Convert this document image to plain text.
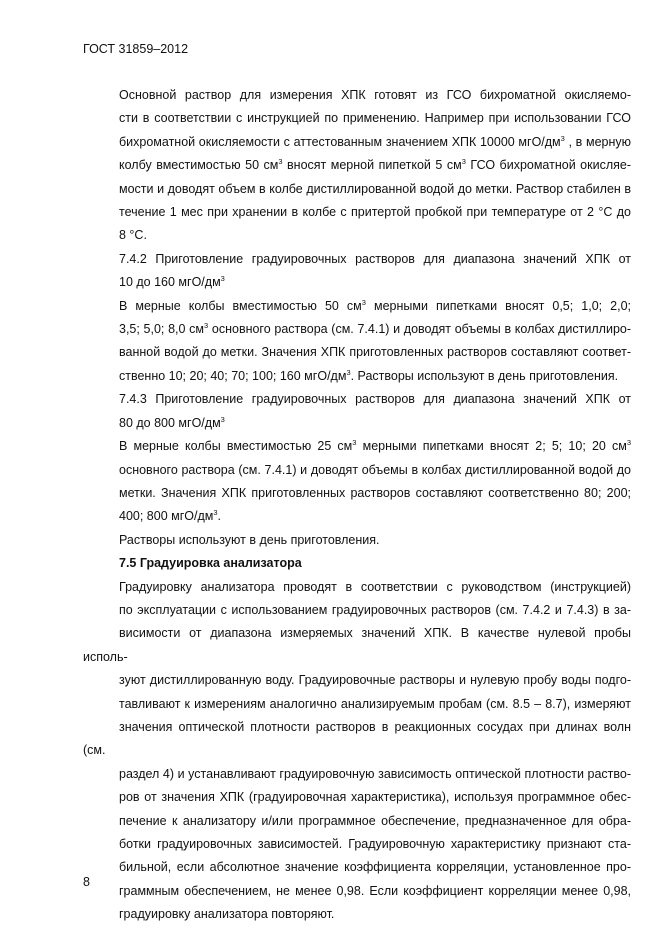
ГОСТ 31859–2012

Основной раствор для измерения ХПК готовят из ГСО бихроматной окисляемо-
сти в соответствии с инструкцией по применению. Например при использовании ГСО
бихроматной окисляемости с аттестованным значением ХПК 10000 мгО/$дм^3$ , в мерную
колбу вместимостью 50 $см^3$ вносят мерной пипеткой 5 $см^3$ ГСО бихроматной окисляе-
мости и доводят объем в колбе дистиллированной водой до метки. Раствор стабилен в
течение 1 мес при хранении в колбе с притертой пробкой при температуре от 2 °С до
8 °С.

7.4.2 Приготовление градуировочных растворов для диапазона значений ХПК от
10 до 160 мгО/$дм^3$

В мерные колбы вместимостью 50 $см^3$ мерными пипетками вносят 0,5; 1,0; 2,0;
3,5; 5,0; 8,0 $см^3$ основного раствора (см. 7.4.1) и доводят объемы в колбах дистиллиро-
ванной водой до метки. Значения ХПК приготовленных растворов составляют соответ-
ственно 10; 20; 40; 70; 100; 160 мгО/$дм^3$. Растворы используют в день приготовления.

7.4.3 Приготовление градуировочных растворов для диапазона значений ХПК от
80 до 800 мгО/$дм^3$

В мерные колбы вместимостью 25 $см^3$ мерными пипетками вносят 2; 5; 10; 20 $см^3$
основного раствора (см. 7.4.1) и доводят объемы в колбах дистиллированной водой до
метки. Значения ХПК приготовленных растворов составляют соответственно 80; 200;
400; 800 мгО/$дм^3$.

Растворы используют в день приготовления.

7.5 Градуировка анализатора

Градуировку анализатора проводят в соответствии с руководством (инструкцией)
по эксплуатации с использованием градуировочных растворов (см. 7.4.2 и 7.4.3) в за-
висимости от диапазона измеряемых значений ХПК. В качестве нулевой пробы исполь-
зуют дистиллированную воду. Градуировочные растворы и нулевую пробу воды подго-
тавливают к измерениям аналогично анализируемым пробам (см. 8.5 – 8.7), измеряют
значения оптической плотности растворов в реакционных сосудах при длинах волн (см.
раздел 4) и устанавливают градуировочную зависимость оптической плотности раство-
ров от значения ХПК (градуировочная характеристика), используя программное обес-
печение к анализатору и/или программное обеспечение, предназначенное для обра-
ботки градуировочных зависимостей. Градуировочную характеристику признают ста-
бильной, если абсолютное значение коэффициента корреляции, установленное про-
граммным обеспечением, не менее 0,98. Если коэффициент корреляции менее 0,98,
градуировку анализатора повторяют.

8
